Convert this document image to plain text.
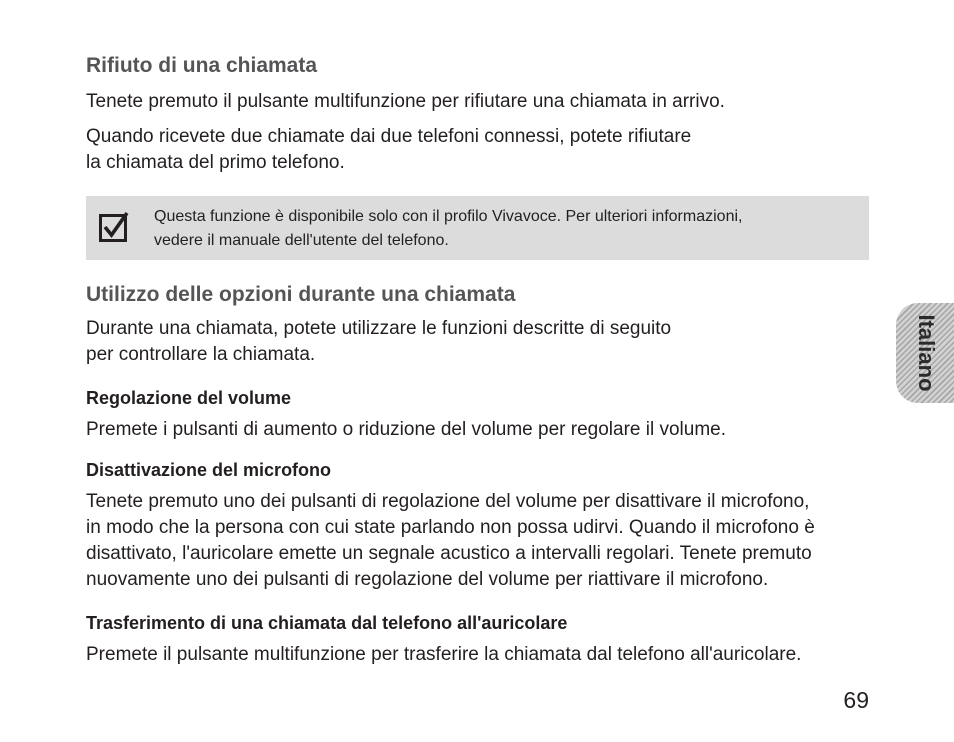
Rifiuto di una chiamata

Tenete premuto il pulsante multifunzione per rifiutare una chiamata in arrivo.

Quando ricevete due chiamate dai due telefoni connessi, potete rifiutare
la chiamata del primo telefono.

Questa funzione è disponibile solo con il profilo Vivavoce. Per ulteriori informazioni,
vedere il manuale dell'utente del telefono.
Utilizzo delle opzioni durante una chiamata

Durante una chiamata, potete utilizzare le funzioni descritte di seguito
per controllare la chiamata.

Regolazione del volume

Premete i pulsanti di aumento o riduzione del volume per regolare il volume.

Disattivazione del microfono

Tenete premuto uno dei pulsanti di regolazione del volume per disattivare il microfono,
in modo che la persona con cui state parlando non possa udirvi. Quando il microfono è
disattivato, l'auricolare emette un segnale acustico a intervalli regolari. Tenete premuto
nuovamente uno dei pulsanti di regolazione del volume per riattivare il microfono.

Trasferimento di una chiamata dal telefono all'auricolare

Premete il pulsante multifunzione per trasferire la chiamata dal telefono all'auricolare.

Italiano
69
